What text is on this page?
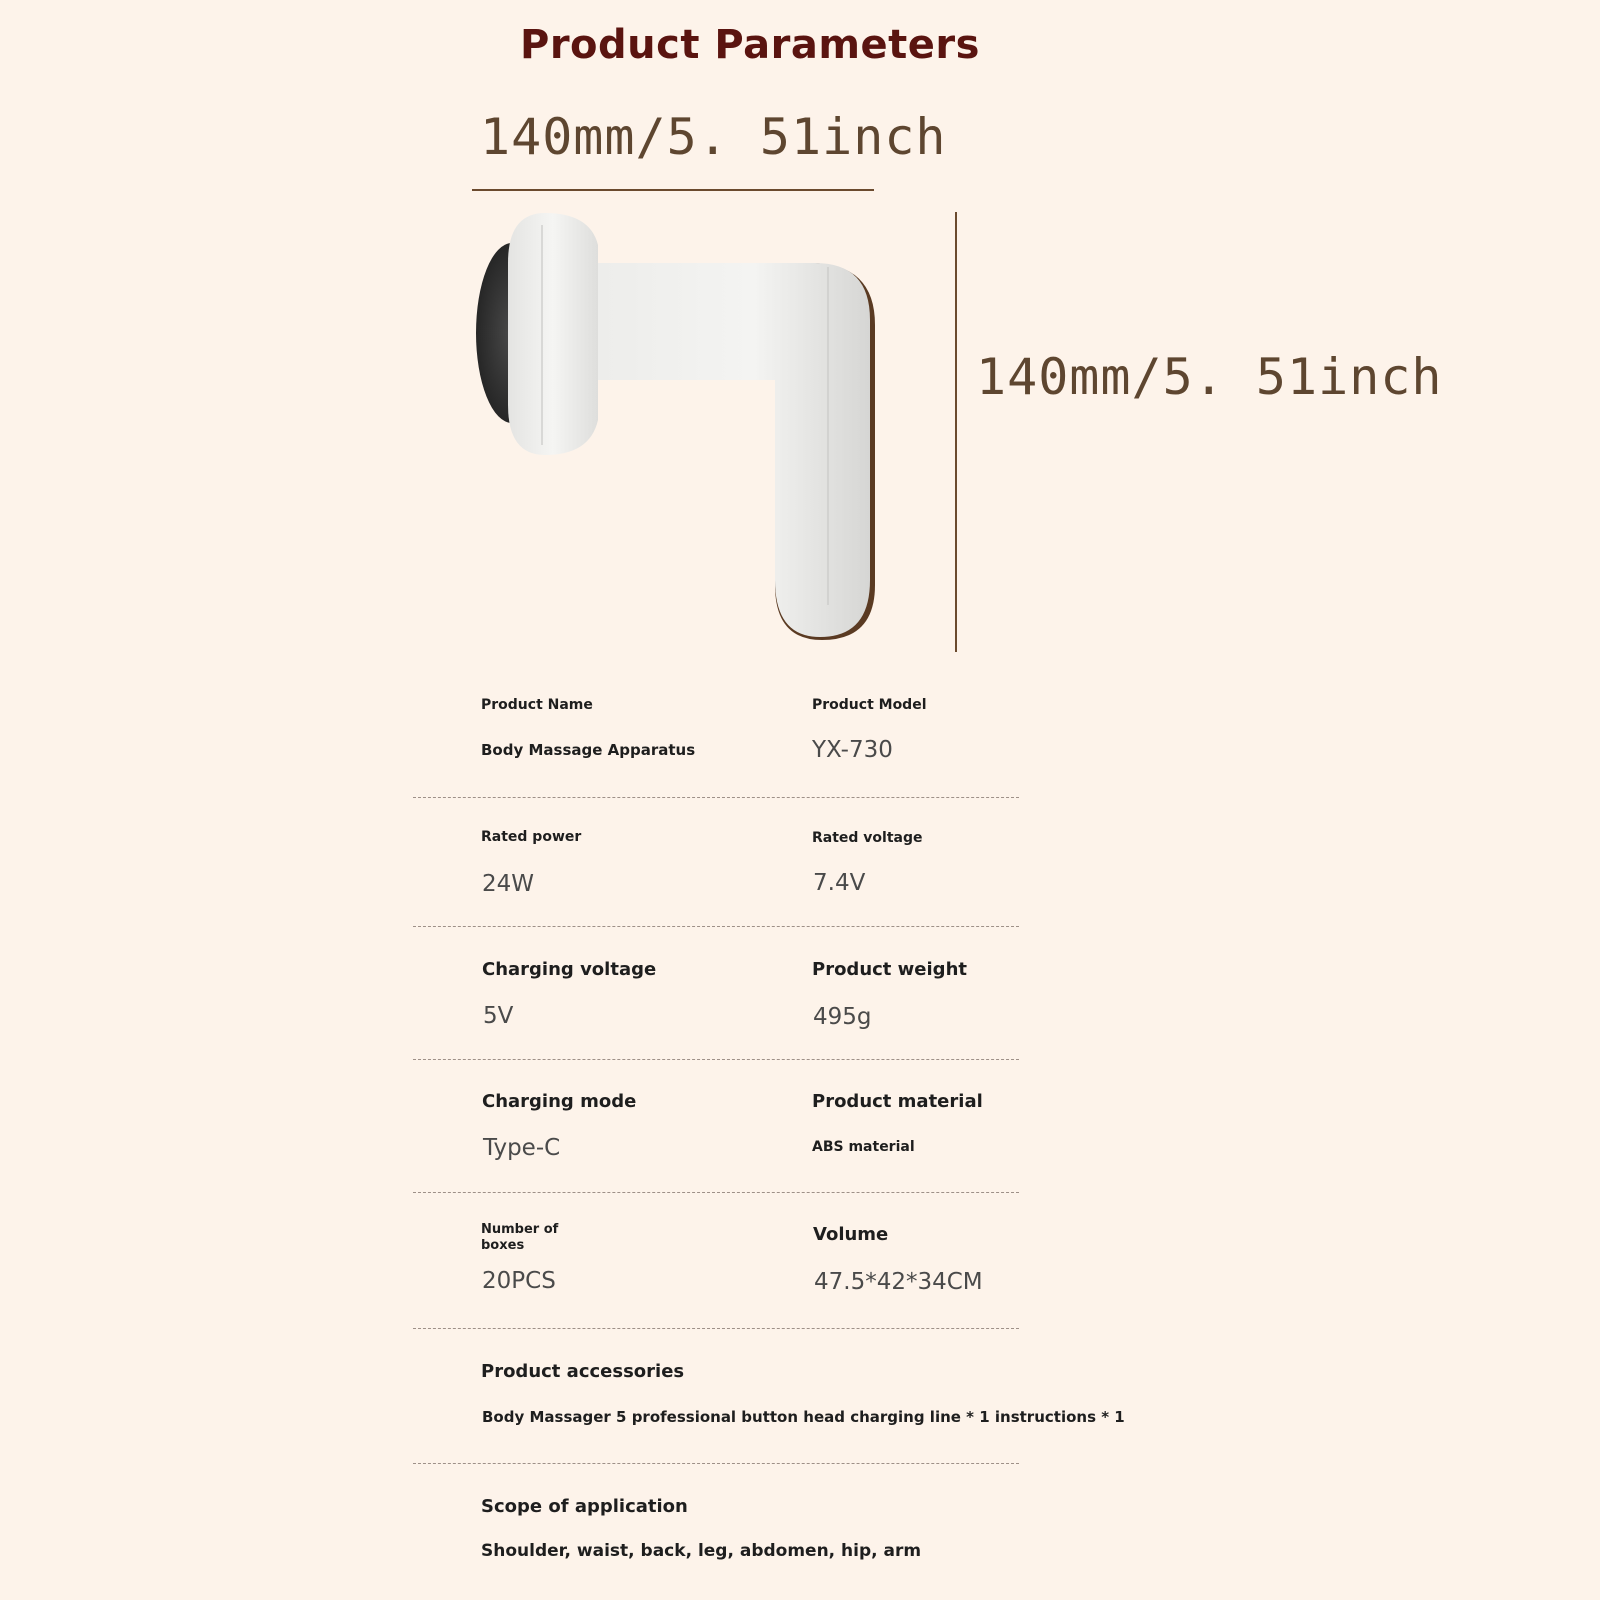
Product Parameters
140mm/5. 51inch
140mm/5. 51inch
Product Name
Body Massage Apparatus
Product Model
YX-730
Rated power
24W
Rated voltage
7.4V
Charging voltage
5V
Product weight
495g
Charging mode
Type-C
Product material
ABS material
Number of boxes
20PCS
Volume
47.5*42*34CM
Product accessories
Body Massager 5 professional button head charging line * 1 instructions * 1
Scope of application
Shoulder, waist, back, leg, abdomen, hip, arm
